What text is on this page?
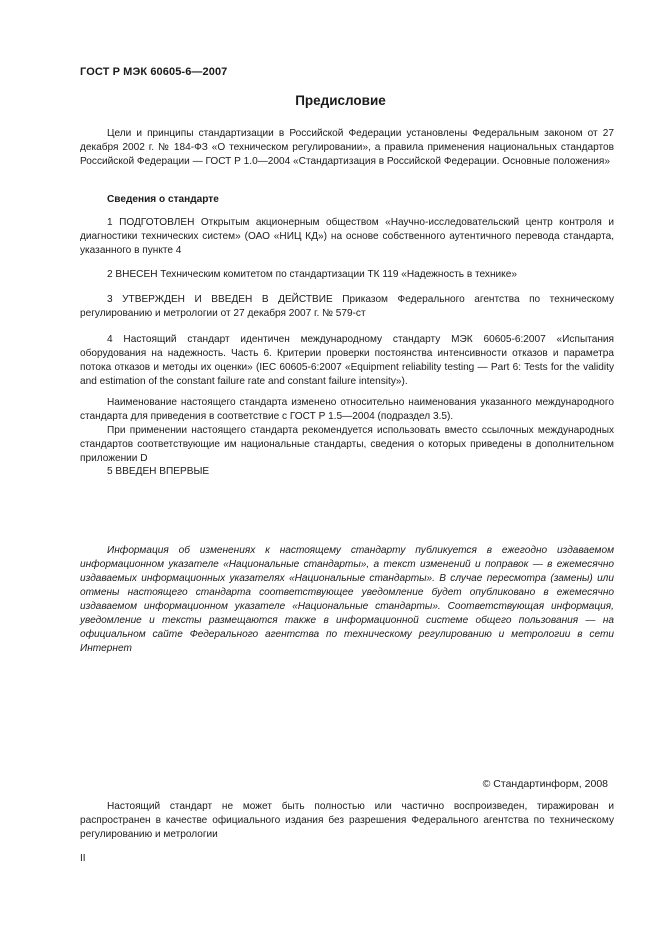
ГОСТ Р МЭК 60605-6—2007
Предисловие

Цели и принципы стандартизации в Российской Федерации установлены Федеральным законом от 27 декабря 2002 г. № 184-ФЗ «О техническом регулировании», а правила применения национальных стандартов Российской Федерации — ГОСТ Р 1.0—2004 «Стандартизация в Российской Федерации. Основные положения»

Сведения о стандарте

1 ПОДГОТОВЛЕН Открытым акционерным обществом «Научно-исследовательский центр контроля и диагностики технических систем» (ОАО «НИЦ КД») на основе собственного аутентичного перевода стандарта, указанного в пункте 4

2 ВНЕСЕН Техническим комитетом по стандартизации ТК 119 «Надежность в технике»

3 УТВЕРЖДЕН И ВВЕДЕН В ДЕЙСТВИЕ Приказом Федерального агентства по техническому регулированию и метрологии от 27 декабря 2007 г. № 579-ст

4 Настоящий стандарт идентичен международному стандарту МЭК 60605-6:2007 «Испытания оборудования на надежность. Часть 6. Критерии проверки постоянства интенсивности отказов и параметра потока отказов и методы их оценки» (IEC 60605-6:2007 «Equipment reliability testing — Part 6: Tests for the validity and estimation of the constant failure rate and constant failure intensity»).

Наименование настоящего стандарта изменено относительно наименования указанного международного стандарта для приведения в соответствие с ГОСТ Р 1.5—2004 (подраздел 3.5).

При применении настоящего стандарта рекомендуется использовать вместо ссылочных международных стандартов соответствующие им национальные стандарты, сведения о которых приведены в дополнительном приложении D

5 ВВЕДЕН ВПЕРВЫЕ

Информация об изменениях к настоящему стандарту публикуется в ежегодно издаваемом информационном указателе «Национальные стандарты», а текст изменений и поправок — в ежемесячно издаваемых информационных указателях «Национальные стандарты». В случае пересмотра (замены) или отмены настоящего стандарта соответствующее уведомление будет опубликовано в ежемесячно издаваемом информационном указателе «Национальные стандарты». Соответствующая информация, уведомление и тексты размещаются также в информационной системе общего пользования — на официальном сайте Федерального агентства по техническому регулированию и метрологии в сети Интернет

© Стандартинформ, 2008

Настоящий стандарт не может быть полностью или частично воспроизведен, тиражирован и распространен в качестве официального издания без разрешения Федерального агентства по техническому регулированию и метрологии

II
